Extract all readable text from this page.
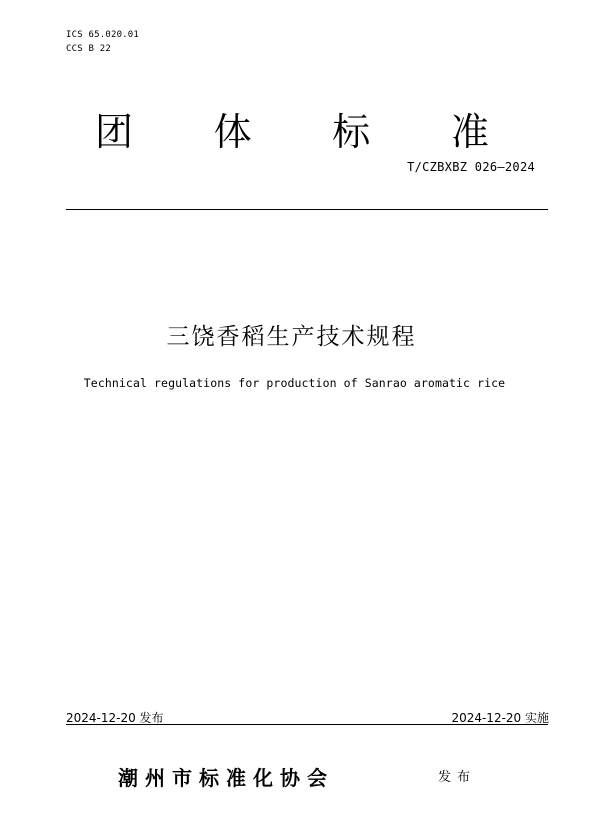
ICS 65.020.01
CCS B 22
团 体 标 准
T/CZBXBZ 026—2024
三饶香稻生产技术规程
Technical regulations for production of Sanrao aromatic rice
2024-12-20 发布	2024-12-20 实施
潮州市标准化协会	发布
